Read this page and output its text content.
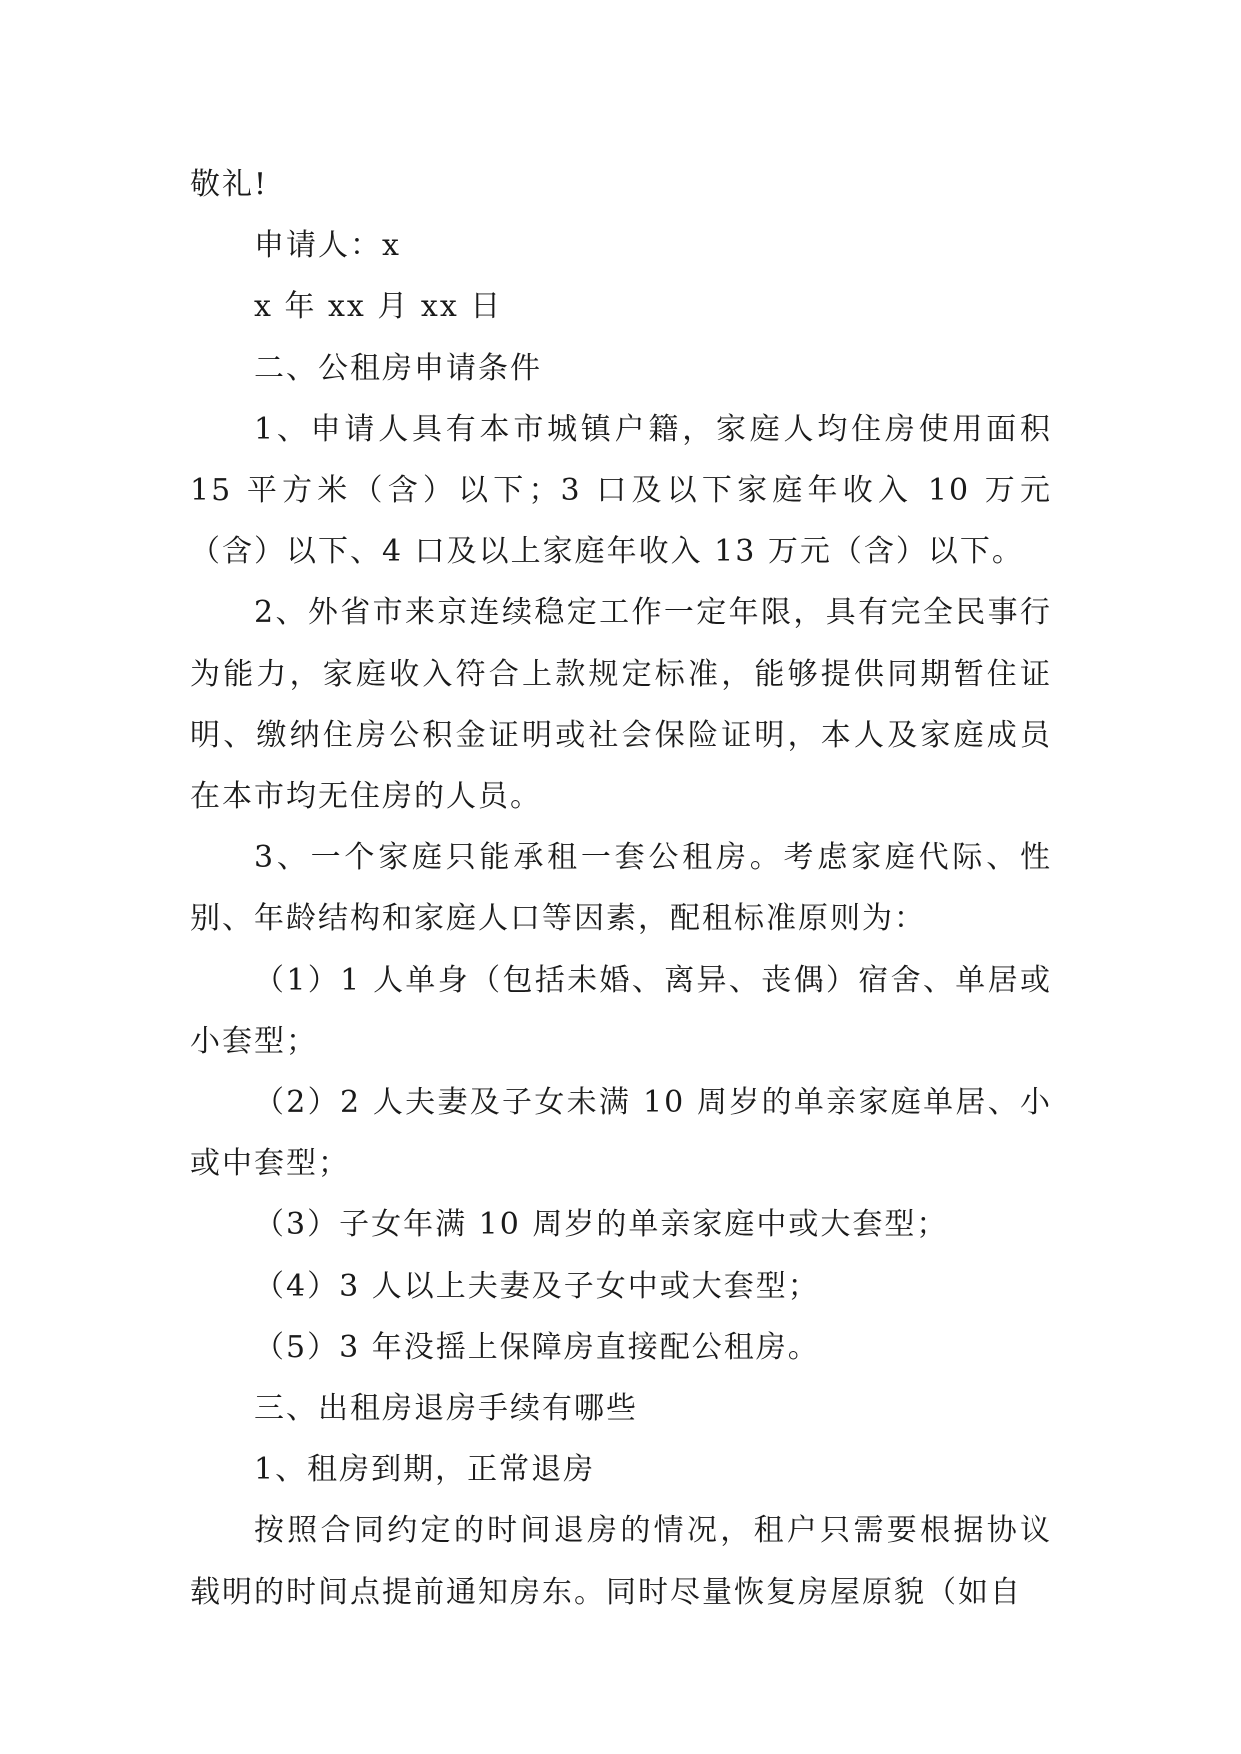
敬礼!

申请人：x

x 年 xx 月 xx 日

二、公租房申请条件

1、申请人具有本市城镇户籍，家庭人均住房使用面积 15 平方米（含）以下；3 口及以下家庭年收入 10 万元（含）以下、4 口及以上家庭年收入 13 万元（含）以下。

2、外省市来京连续稳定工作一定年限，具有完全民事行为能力，家庭收入符合上款规定标准，能够提供同期暂住证明、缴纳住房公积金证明或社会保险证明，本人及家庭成员在本市均无住房的人员。

3、一个家庭只能承租一套公租房。考虑家庭代际、性别、年龄结构和家庭人口等因素，配租标准原则为：

（1）1 人单身（包括未婚、离异、丧偶）宿舍、单居或小套型；

（2）2 人夫妻及子女未满 10 周岁的单亲家庭单居、小或中套型；

（3）子女年满 10 周岁的单亲家庭中或大套型；

（4）3 人以上夫妻及子女中或大套型；

（5）3 年没摇上保障房直接配公租房。

三、出租房退房手续有哪些

1、租房到期，正常退房

按照合同约定的时间退房的情况，租户只需要根据协议载明的时间点提前通知房东。同时尽量恢复房屋原貌（如自
